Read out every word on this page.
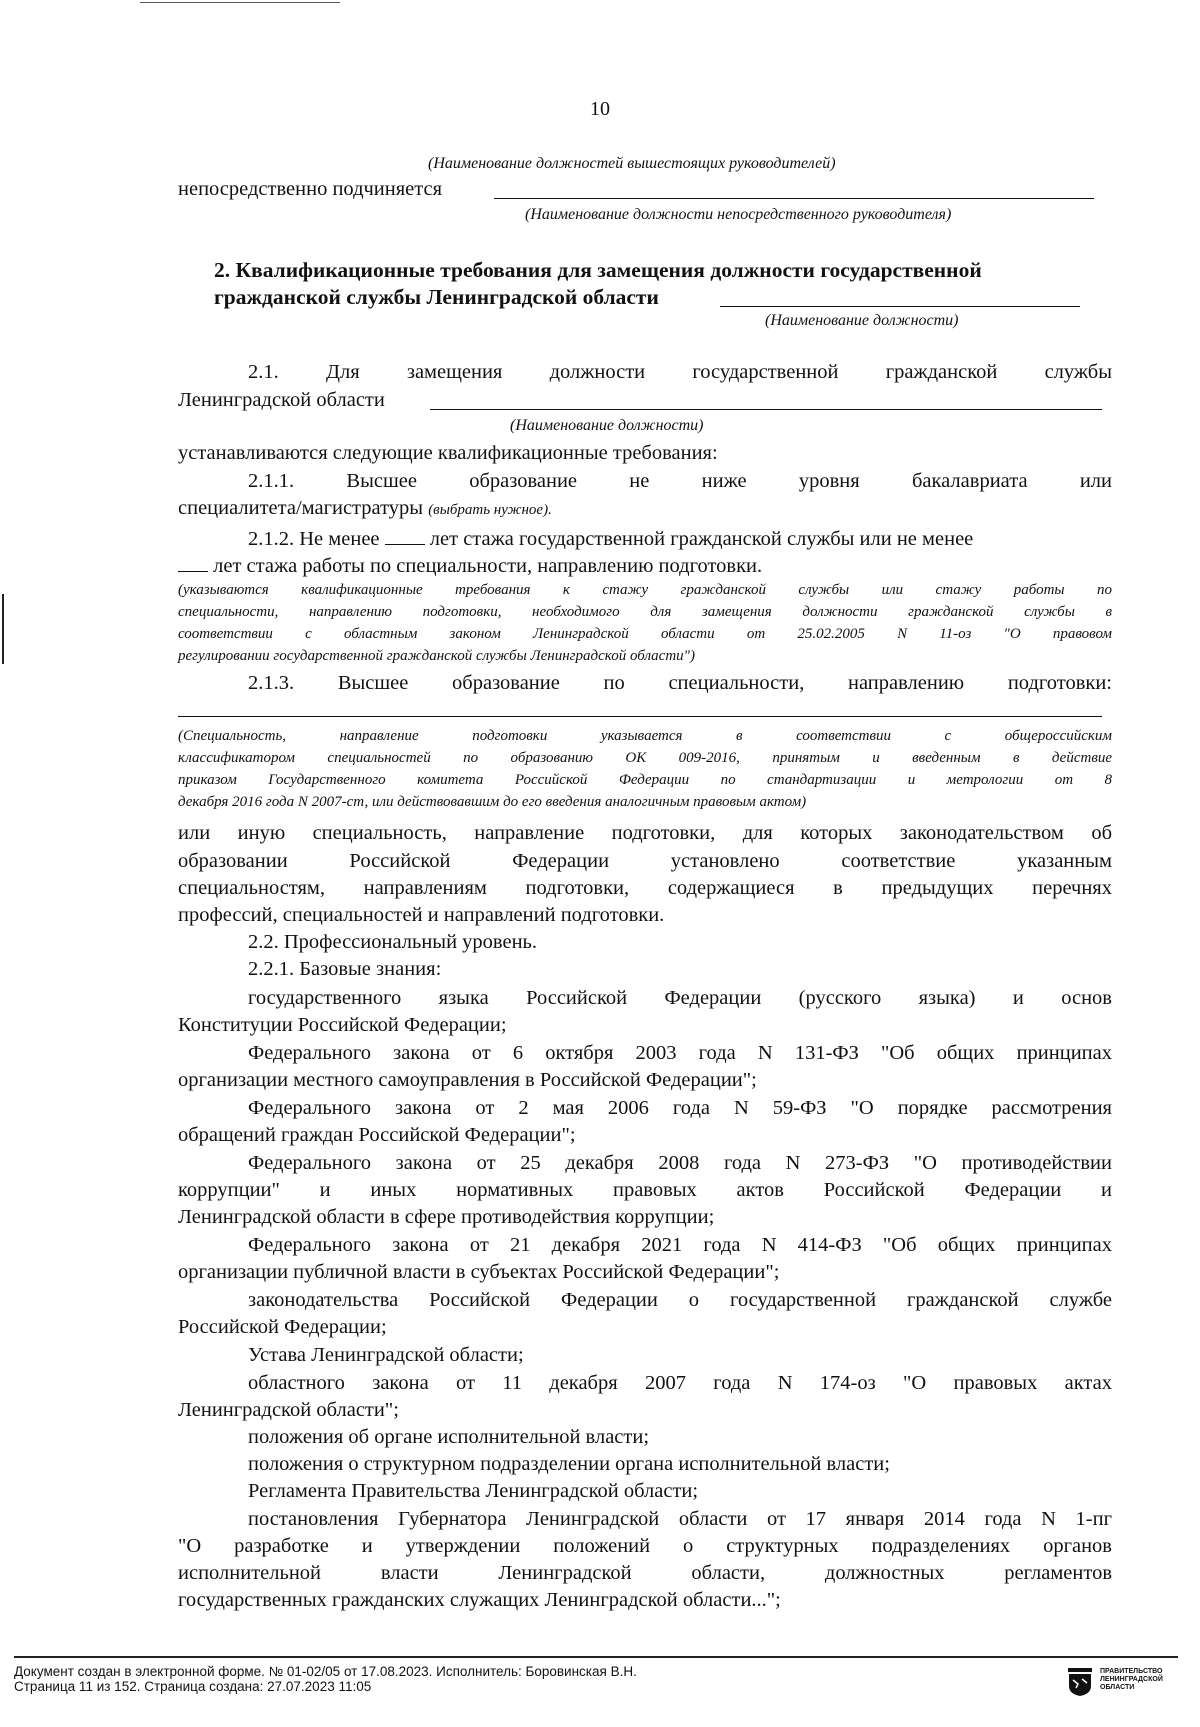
10
(Наименование должностей вышестоящих руководителей)
непосредственно подчиняется
(Наименование должности непосредственного руководителя)
2. Квалификационные требования для замещения должности государственной
гражданской службы Ленинградской области
(Наименование должности)
2.1. Для замещения должности государственной гражданской службы
Ленинградской области
(Наименование должности)
устанавливаются следующие квалификационные требования:
2.1.1. Высшее образование не ниже уровня бакалавриата или
специалитета/магистратуры (выбрать нужное).
2.1.2. Не менее лет стажа государственной гражданской службы или не менее
лет стажа работы по специальности, направлению подготовки.
(указываются квалификационные требования к стажу гражданской службы или стажу работы по
специальности, направлению подготовки, необходимого для замещения должности гражданской службы в
соответствии с областным законом Ленинградской области от 25.02.2005 N 11-оз "О правовом
регулировании государственной гражданской службы Ленинградской области")
2.1.3. Высшее образование по специальности, направлению подготовки:
(Специальность, направление подготовки указывается в соответствии с общероссийским
классификатором специальностей по образованию ОК 009-2016, принятым и введенным в действие
приказом Государственного комитета Российской Федерации по стандартизации и метрологии от 8
декабря 2016 года N 2007-ст, или действовавшим до его введения аналогичным правовым актом)
или иную специальность, направление подготовки, для которых законодательством об
образовании Российской Федерации установлено соответствие указанным
специальностям, направлениям подготовки, содержащиеся в предыдущих перечнях
профессий, специальностей и направлений подготовки.
2.2. Профессиональный уровень.
2.2.1. Базовые знания:
государственного языка Российской Федерации (русского языка) и основ
Конституции Российской Федерации;
Федерального закона от 6 октября 2003 года N 131-ФЗ "Об общих принципах
организации местного самоуправления в Российской Федерации";
Федерального закона от 2 мая 2006 года N 59-ФЗ "О порядке рассмотрения
обращений граждан Российской Федерации";
Федерального закона от 25 декабря 2008 года N 273-ФЗ "О противодействии
коррупции" и иных нормативных правовых актов Российской Федерации и
Ленинградской области в сфере противодействия коррупции;
Федерального закона от 21 декабря 2021 года N 414-ФЗ "Об общих принципах
организации публичной власти в субъектах Российской Федерации";
законодательства Российской Федерации о государственной гражданской службе
Российской Федерации;
Устава Ленинградской области;
областного закона от 11 декабря 2007 года N 174-оз "О правовых актах
Ленинградской области";
положения об органе исполнительной власти;
положения о структурном подразделении органа исполнительной власти;
Регламента Правительства Ленинградской области;
постановления Губернатора Ленинградской области от 17 января 2014 года N 1-пг
"О разработке и утверждении положений о структурных подразделениях органов
исполнительной власти Ленинградской области, должностных регламентов
государственных гражданских служащих Ленинградской области...";
Документ создан в электронной форме. № 01-02/05 от 17.08.2023. Исполнитель: Боровинская В.Н.
Страница 11 из 152. Страница создана: 27.07.2023 11:05
ПРАВИТЕЛЬСТВО
ЛЕНИНГРАДСКОЙ
ОБЛАСТИ
